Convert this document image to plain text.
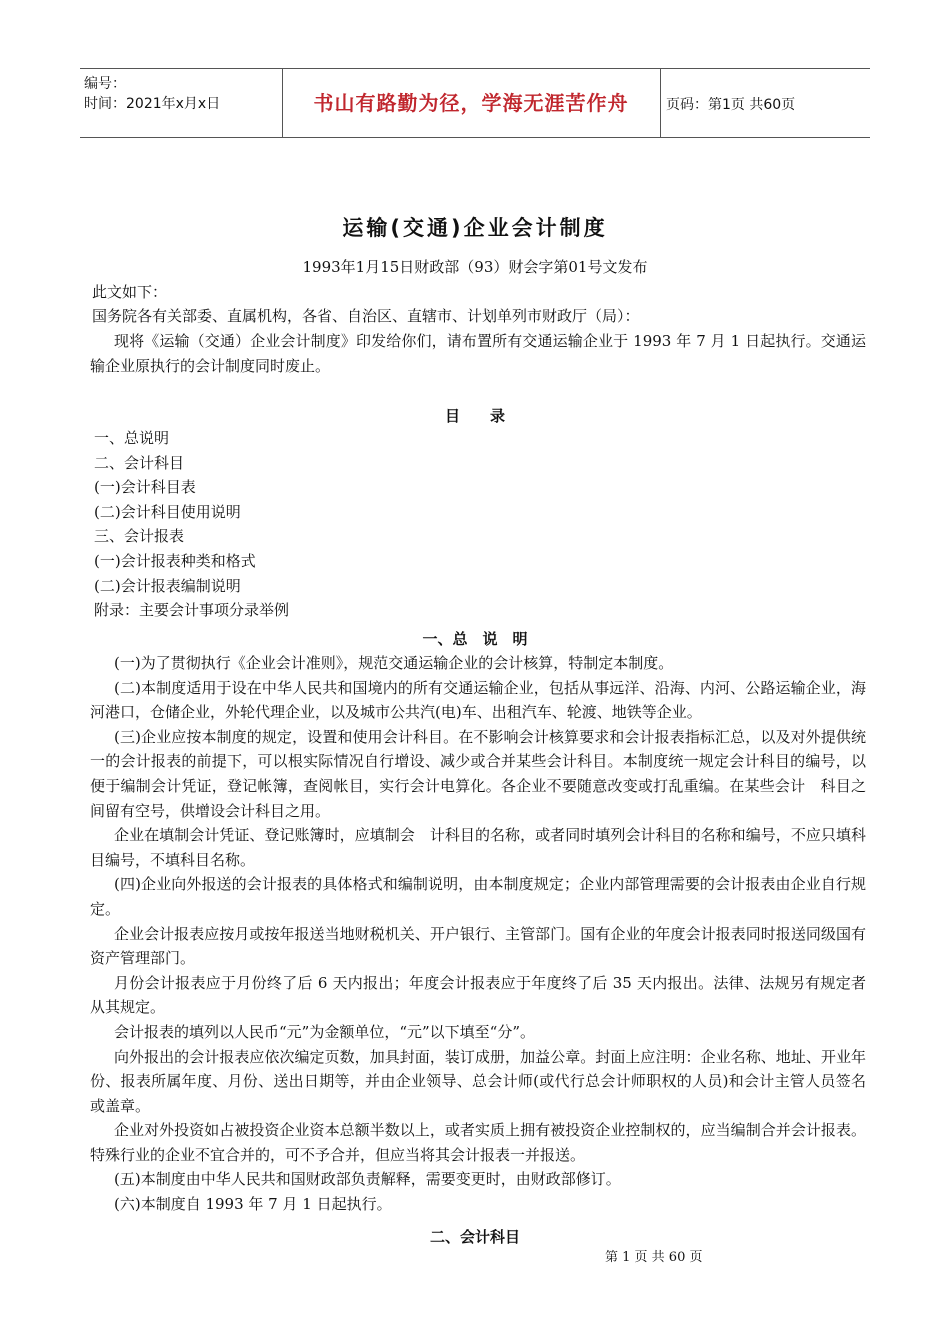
编号：
时间：2021年x月x日	书山有路勤为径，学海无涯苦作舟	页码：第1页 共60页
运输(交通)企业会计制度
1993年1月15日财政部（93）财会字第01号文发布
此文如下：
国务院各有关部委、直属机构，各省、自治区、直辖市、计划单列市财政厅（局）：
现将《运输（交通）企业会计制度》印发给你们，请布置所有交通运输企业于 1993 年 7 月 1 日起执行。交通运输企业原执行的会计制度同时废止。
目　　录
一、总说明
二、会计科目
(一)会计科目表
(二)会计科目使用说明
三、会计报表
(一)会计报表种类和格式
(二)会计报表编制说明
附录：主要会计事项分录举例
一、总　说　明
(一)为了贯彻执行《企业会计准则》，规范交通运输企业的会计核算，特制定本制度。
(二)本制度适用于设在中华人民共和国境内的所有交通运输企业，包括从事远洋、沿海、内河、公路运输企业，海河港口，仓储企业，外轮代理企业，以及城市公共汽(电)车、出租汽车、轮渡、地铁等企业。
(三)企业应按本制度的规定，设置和使用会计科目。在不影响会计核算要求和会计报表指标汇总，以及对外提供统一的会计报表的前提下，可以根实际情况自行增设、减少或合并某些会计科目。本制度统一规定会计科目的编号，以便于编制会计凭证，登记帐簿，查阅帐目，实行会计电算化。各企业不要随意改变或打乱重编。在某些会计　科目之间留有空号，供增设会计科目之用。
企业在填制会计凭证、登记账簿时，应填制会　计科目的名称，或者同时填列会计科目的名称和编号，不应只填科目编号，不填科目名称。
(四)企业向外报送的会计报表的具体格式和编制说明，由本制度规定；企业内部管理需要的会计报表由企业自行规定。
企业会计报表应按月或按年报送当地财税机关、开户银行、主管部门。国有企业的年度会计报表同时报送同级国有资产管理部门。
月份会计报表应于月份终了后 6 天内报出；年度会计报表应于年度终了后 35 天内报出。法律、法规另有规定者从其规定。
会计报表的填列以人民币“元”为金额单位，“元”以下填至“分”。
向外报出的会计报表应依次编定页数，加具封面，装订成册，加益公章。封面上应注明：企业名称、地址、开业年份、报表所属年度、月份、送出日期等，并由企业领导、总会计师(或代行总会计师职权的人员)和会计主管人员签名或盖章。
企业对外投资如占被投资企业资本总额半数以上，或者实质上拥有被投资企业控制权的，应当编制合并会计报表。特殊行业的企业不宜合并的，可不予合并，但应当将其会计报表一并报送。
(五)本制度由中华人民共和国财政部负责解释，需要变更时，由财政部修订。
(六)本制度自 1993 年 7 月 1 日起执行。
二、会计科目
第 1 页 共 60 页
